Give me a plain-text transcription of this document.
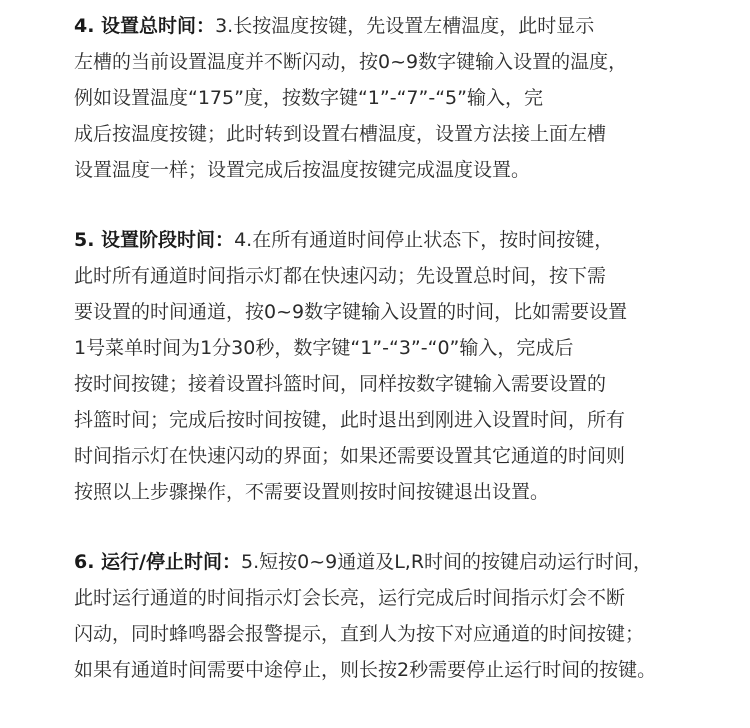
4. 设置总时间：3.长按温度按键，先设置左槽温度，此时显示
左槽的当前设置温度并不断闪动，按0~9数字键输入设置的温度，
例如设置温度“175”度，按数字键“1”-“7”-“5”输入，完
成后按温度按键；此时转到设置右槽温度，设置方法接上面左槽
设置温度一样；设置完成后按温度按键完成温度设置。
5. 设置阶段时间：4.在所有通道时间停止状态下，按时间按键，
此时所有通道时间指示灯都在快速闪动；先设置总时间，按下需
要设置的时间通道，按0~9数字键输入设置的时间，比如需要设置
1号菜单时间为1分30秒，数字键“1”-“3”-“0”输入，完成后
按时间按键；接着设置抖篮时间，同样按数字键输入需要设置的
抖篮时间；完成后按时间按键，此时退出到刚进入设置时间，所有
时间指示灯在快速闪动的界面；如果还需要设置其它通道的时间则
按照以上步骤操作，不需要设置则按时间按键退出设置。
6. 运行/停止时间：5.短按0~9通道及L,R时间的按键启动运行时间，
此时运行通道的时间指示灯会长亮，运行完成后时间指示灯会不断
闪动，同时蜂鸣器会报警提示，直到人为按下对应通道的时间按键；
如果有通道时间需要中途停止，则长按2秒需要停止运行时间的按键。
